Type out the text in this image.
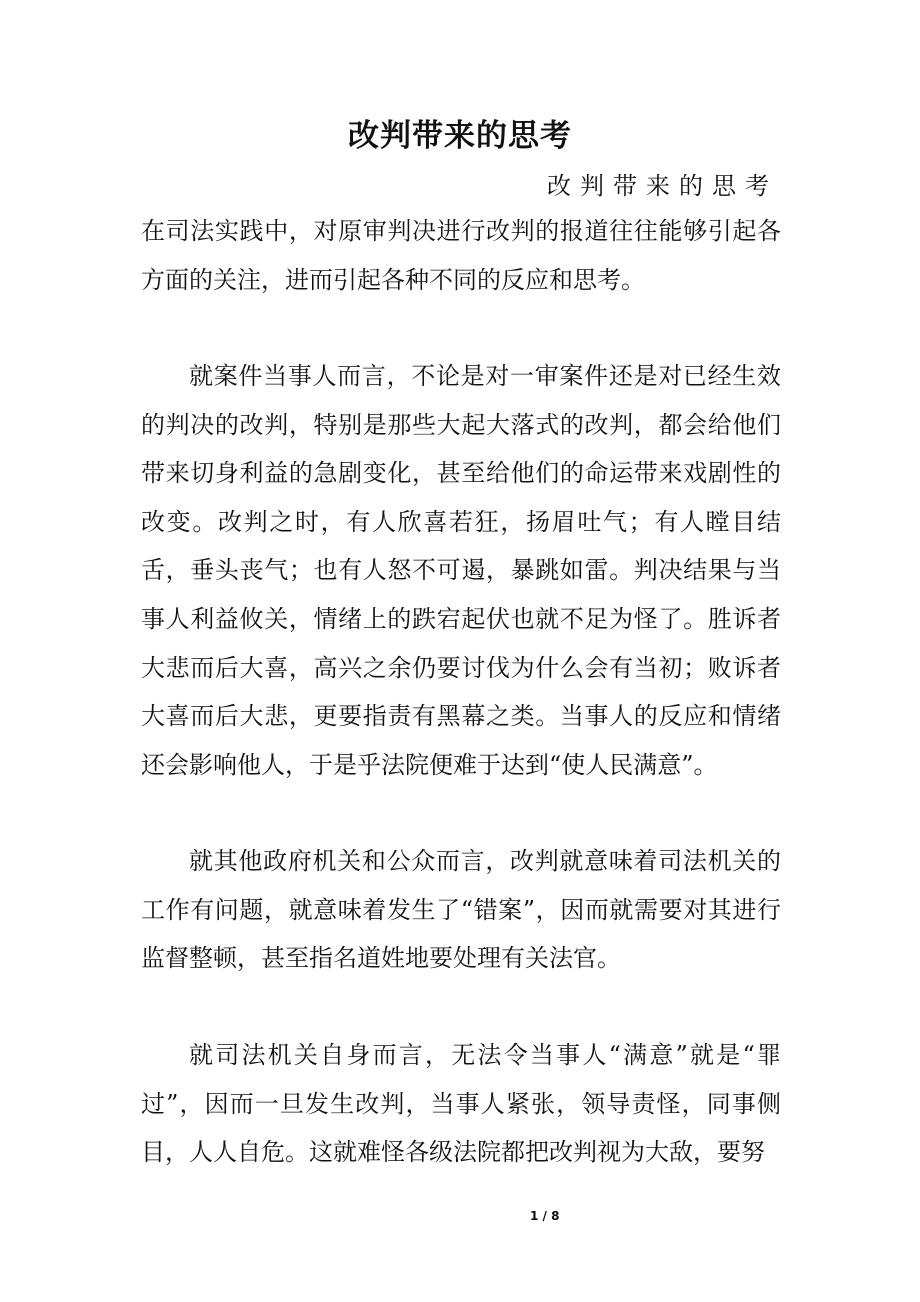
改判带来的思考
改判带来的思考

在司法实践中，对原审判决进行改判的报道往往能够引起各方面的关注，进而引起各种不同的反应和思考。

就案件当事人而言，不论是对一审案件还是对已经生效的判决的改判，特别是那些大起大落式的改判，都会给他们带来切身利益的急剧变化，甚至给他们的命运带来戏剧性的改变。改判之时，有人欣喜若狂，扬眉吐气；有人瞠目结舌，垂头丧气；也有人怒不可遏，暴跳如雷。判决结果与当事人利益攸关，情绪上的跌宕起伏也就不足为怪了。胜诉者大悲而后大喜，高兴之余仍要讨伐为什么会有当初；败诉者大喜而后大悲，更要指责有黑幕之类。当事人的反应和情绪还会影响他人，于是乎法院便难于达到“使人民满意”。

就其他政府机关和公众而言，改判就意味着司法机关的工作有问题，就意味着发生了“错案”，因而就需要对其进行监督整顿，甚至指名道姓地要处理有关法官。

就司法机关自身而言，无法令当事人“满意”就是“罪过”，因而一旦发生改判，当事人紧张，领导责怪，同事侧目，人人自危。这就难怪各级法院都把改判视为大敌，要努

1 / 8
